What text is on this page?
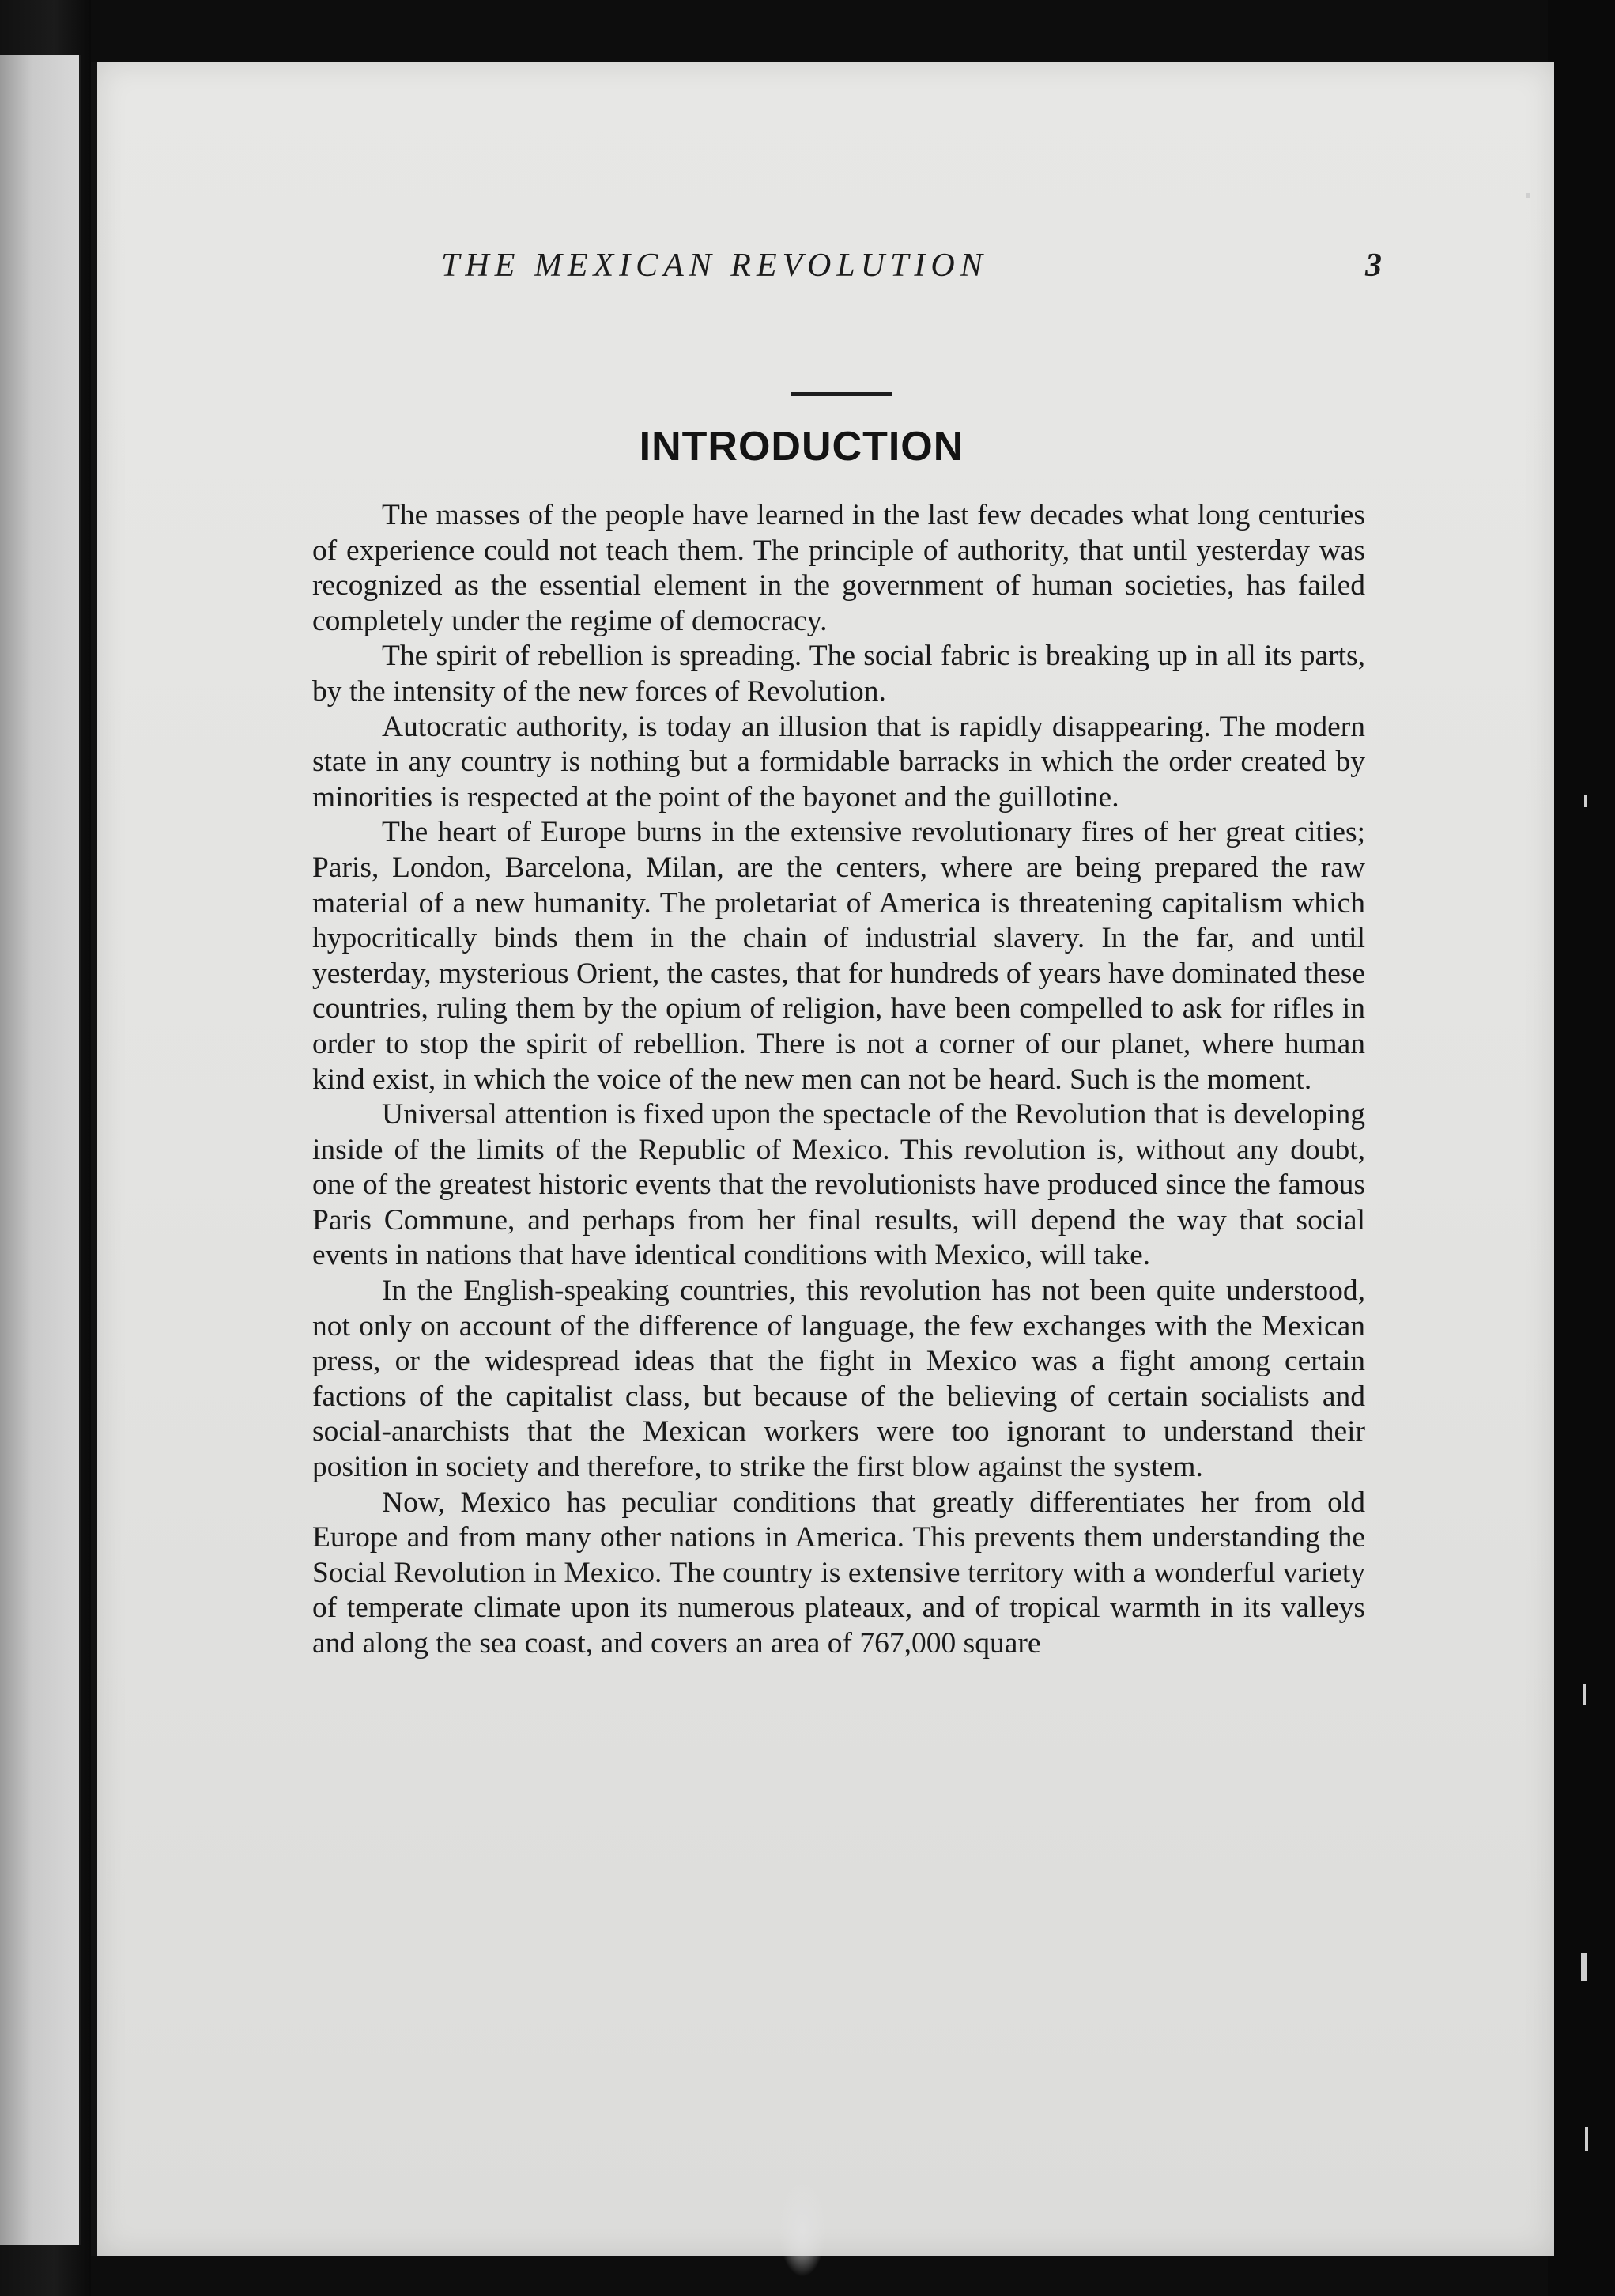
THE MEXICAN REVOLUTION	3
INTRODUCTION

The masses of the people have learned in the last few decades what long centuries of experience could not teach them. The principle of authority, that until yesterday was recognized as the essential element in the government of human societies, has failed completely under the regime of democracy.

The spirit of rebellion is spreading. The social fabric is breaking up in all its parts, by the intensity of the new forces of Revolution.

Autocratic authority, is today an illusion that is rapidly disappearing. The modern state in any country is nothing but a formidable barracks in which the order created by minorities is respected at the point of the bayonet and the guillotine.

The heart of Europe burns in the extensive revolutionary fires of her great cities; Paris, London, Barcelona, Milan, are the centers, where are being prepared the raw material of a new humanity. The proletariat of America is threatening capitalism which hypocritically binds them in the chain of industrial slavery. In the far, and until yesterday, mysterious Orient, the castes, that for hundreds of years have dominated these countries, ruling them by the opium of religion, have been compelled to ask for rifles in order to stop the spirit of rebellion. There is not a corner of our planet, where human kind exist, in which the voice of the new men can not be heard. Such is the moment.

Universal attention is fixed upon the spectacle of the Revolution that is developing inside of the limits of the Republic of Mexico. This revolution is, without any doubt, one of the greatest historic events that the revolutionists have produced since the famous Paris Commune, and perhaps from her final results, will depend the way that social events in nations that have identical conditions with Mexico, will take.

In the English-speaking countries, this revolution has not been quite understood, not only on account of the difference of language, the few exchanges with the Mexican press, or the widespread ideas that the fight in Mexico was a fight among certain factions of the capitalist class, but because of the believing of certain socialists and social-anarchists that the Mexican workers were too ignorant to understand their position in society and therefore, to strike the first blow against the system.

Now, Mexico has peculiar conditions that greatly differentiates her from old Europe and from many other nations in America. This prevents them understanding the Social Revolution in Mexico. The country is extensive territory with a wonderful variety of temperate climate upon its numerous plateaux, and of tropical warmth in its valleys and along the sea coast, and covers an area of 767,000 square
